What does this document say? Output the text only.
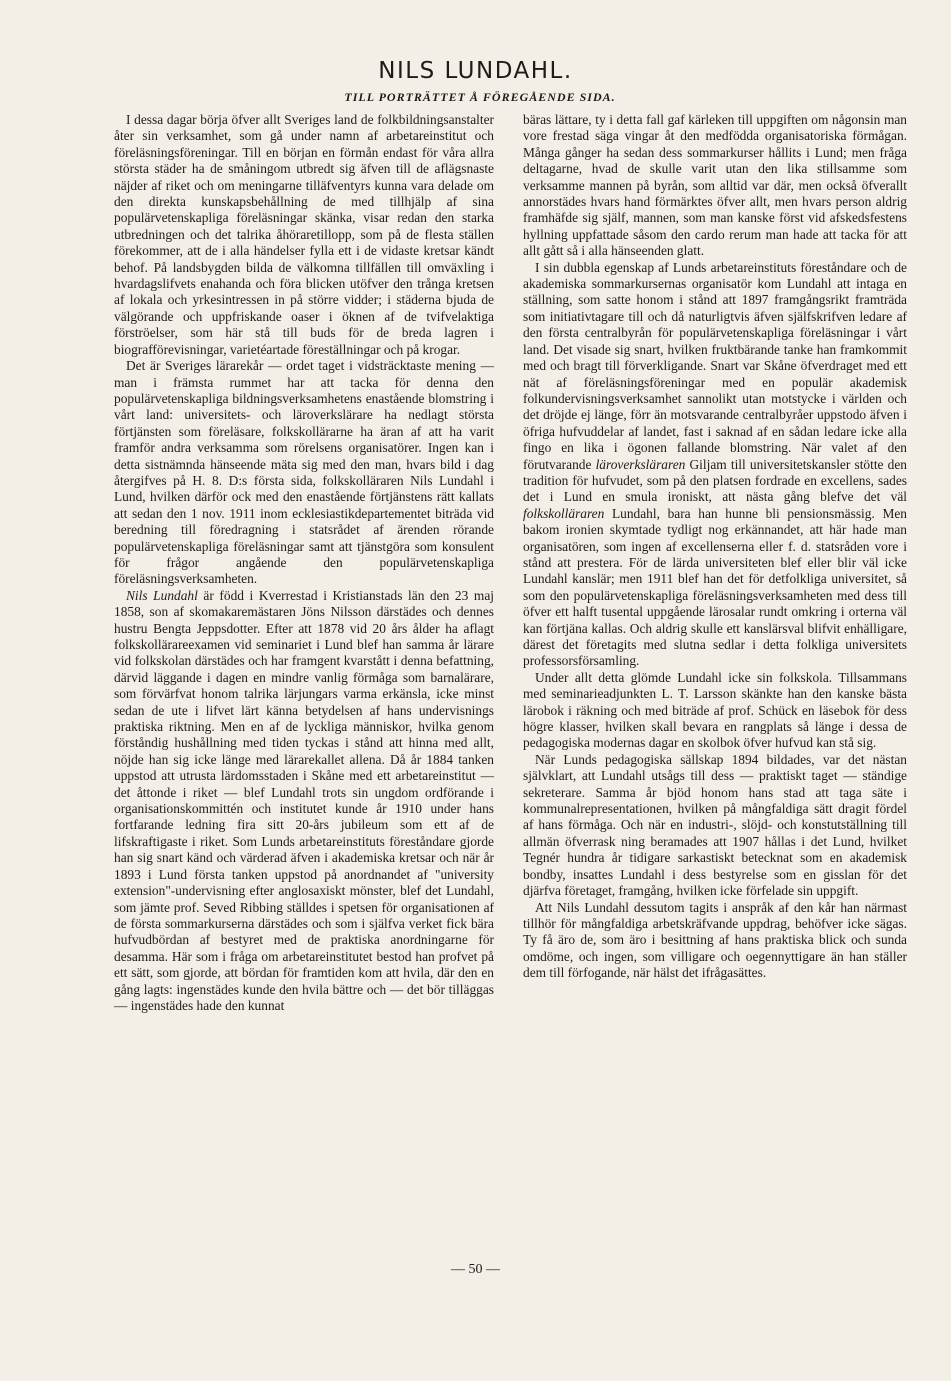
NILS LUNDAHL.
TILL PORTRÄTTET Å FÖREGÅENDE SIDA.

I dessa dagar börja öfver allt Sveriges land de folkbildningsanstalter åter sin verksamhet, som gå under namn af arbetareinstitut och föreläsningsföreningar. Till en början en förmån endast för våra allra största städer ha de småningom utbredt sig äfven till de aflägsnaste näjder af riket och om meningarne tilläfventyrs kunna vara delade om den direkta kunskapsbehållning de med tillhjälp af sina populärvetenskapliga föreläsningar skänka, visar redan den starka utbredningen och det talrika åhöraretillopp, som på de flesta ställen förekommer, att de i alla händelser fylla ett i de vidaste kretsar kändt behof. På landsbygden bilda de välkomna tillfällen till omväxling i hvardagslifvets enahanda och föra blicken utöfver den trånga kretsen af lokala och yrkesintressen in på större vidder; i städerna bjuda de välgörande och uppfriskande oaser i öknen af de tvifvelaktiga förströelser, som här stå till buds för de breda lagren i biografförevisningar, varietéartade föreställningar och på krogar.

Det är Sveriges lärarekår — ordet taget i vidsträcktaste mening — man i främsta rummet har att tacka för denna den populärvetenskapliga bildningsverksamhetens enastående blomstring i vårt land: universitets- och läroverkslärare ha nedlagt största förtjänsten som föreläsare, folkskollärarne ha äran af att ha varit framför andra verksamma som rörelsens organisatörer. Ingen kan i detta sistnämnda hänseende mäta sig med den man, hvars bild i dag återgifves på H. 8. D:s första sida, folkskolläraren Nils Lundahl i Lund, hvilken därför ock med den enastående förtjänstens rätt kallats att sedan den 1 nov. 1911 inom ecklesiastikdepartementet biträda vid beredning till föredragning i statsrådet af ärenden rörande populärvetenskapliga föreläsningar samt att tjänstgöra som konsulent för frågor angående den populärvetenskapliga föreläsningsverksamheten.

Nils Lundahl är född i Kverrestad i Kristianstads län den 23 maj 1858, son af skomakaremästaren Jöns Nilsson därstädes och dennes hustru Bengta Jeppsdotter. Efter att 1878 vid 20 års ålder ha aflagt folkskollärareexamen vid seminariet i Lund blef han samma år lärare vid folkskolan därstädes och har framgent kvarstått i denna befattning, därvid läggande i dagen en mindre vanlig förmåga som barnalärare, som förvärfvat honom talrika lärjungars varma erkänsla, icke minst sedan de ute i lifvet lärt känna betydelsen af hans undervisnings praktiska riktning. Men en af de lyckliga människor, hvilka genom förståndig hushållning med tiden tyckas i stånd att hinna med allt, nöjde han sig icke länge med lärarekallet allena. Då år 1884 tanken uppstod att utrusta lärdomsstaden i Skåne med ett arbetareinstitut — det åttonde i riket — blef Lundahl trots sin ungdom ordförande i organisationskommittén och institutet kunde år 1910 under hans fortfarande ledning fira sitt 20-års jubileum som ett af de lifskraftigaste i riket. Som Lunds arbetareinstituts föreståndare gjorde han sig snart känd och värderad äfven i akademiska kretsar och när år 1893 i Lund första tanken uppstod på anordnandet af "university extension"-undervisning efter anglosaxiskt mönster, blef det Lundahl, som jämte prof. Seved Ribbing ställdes i spetsen för organisationen af de första sommarkurserna därstädes och som i själfva verket fick bära hufvudbördan af bestyret med de praktiska anordningarne för desamma. Här som i fråga om arbetareinstitutet bestod han profvet på ett sätt, som gjorde, att bördan för framtiden kom att hvila, där den en gång lagts: ingenstädes kunde den hvila bättre och — det bör tilläggas — ingenstädes hade den kunnat

bäras lättare, ty i detta fall gaf kärleken till uppgiften om någonsin man vore frestad säga vingar åt den medfödda organisatoriska förmågan. Många gånger ha sedan dess sommarkurser hållits i Lund; men fråga deltagarne, hvad de skulle varit utan den lika stillsamme som verksamme mannen på byrån, som alltid var där, men också öfverallt annorstädes hvars hand förmärktes öfver allt, men hvars person aldrig framhäfde sig själf, mannen, som man kanske först vid afskedsfestens hyllning uppfattade såsom den cardo rerum man hade att tacka för att allt gått så i alla hänseenden glatt.

I sin dubbla egenskap af Lunds arbetareinstituts föreståndare och de akademiska sommarkursernas organisatör kom Lundahl att intaga en ställning, som satte honom i stånd att 1897 framgångsrikt framträda som initiativtagare till och då naturligtvis äfven själfskrifven ledare af den första centralbyrån för populärvetenskapliga föreläsningar i vårt land. Det visade sig snart, hvilken fruktbärande tanke han framkommit med och bragt till förverkligande. Snart var Skåne öfverdraget med ett nät af föreläsningsföreningar med en populär akademisk folkundervisningsverksamhet sannolikt utan motstycke i världen och det dröjde ej länge, förr än motsvarande centralbyråer uppstodo äfven i öfriga hufvuddelar af landet, fast i saknad af en sådan ledare icke alla fingo en lika i ögonen fallande blomstring. När valet af den förutvarande läroverksläraren Giljam till universitetskansler stötte den tradition för hufvudet, som på den platsen fordrade en excellens, sades det i Lund en smula ironiskt, att nästa gång blefve det väl folkskolläraren Lundahl, bara han hunne bli pensionsmässig. Men bakom ironien skymtade tydligt nog erkännandet, att här hade man organisatören, som ingen af excellenserna eller f. d. statsråden vore i stånd att prestera. För de lärda universiteten blef eller blir väl icke Lundahl kanslär; men 1911 blef han det för detfolkliga universitet, så som den populärvetenskapliga föreläsningsverksamheten med dess till öfver ett halft tusental uppgående lärosalar rundt omkring i orterna väl kan förtjäna kallas. Och aldrig skulle ett kanslärsval blifvit enhälligare, därest det företagits med slutna sedlar i detta folkliga universitets professorsförsamling.

Under allt detta glömde Lundahl icke sin folkskola. Tillsammans med seminarieadjunkten L. T. Larsson skänkte han den kanske bästa lärobok i räkning och med biträde af prof. Schück en läsebok för dess högre klasser, hvilken skall bevara en rangplats så länge i dessa de pedagogiska modernas dagar en skolbok öfver hufvud kan stå sig.

När Lunds pedagogiska sällskap 1894 bildades, var det nästan självklart, att Lundahl utsågs till dess — praktiskt taget — ständige sekreterare. Samma år bjöd honom hans stad att taga säte i kommunalrepresentationen, hvilken på mångfaldiga sätt dragit fördel af hans förmåga. Och när en industri-, slöjd- och konstutställning till allmän öfverrask ning beramades att 1907 hållas i det Lund, hvilket Tegnér hundra år tidigare sarkastiskt betecknat som en akademisk bondby, insattes Lundahl i dess bestyrelse som en gisslan för det djärfva företaget, framgång, hvilken icke förfelade sin uppgift.

Att Nils Lundahl dessutom tagits i anspråk af den kår han närmast tillhör för mångfaldiga arbetskräfvande uppdrag, behöfver icke sägas. Ty få äro de, som äro i besittning af hans praktiska blick och sunda omdöme, och ingen, som villigare och oegennyttigare än han ställer dem till förfogande, när hälst det ifrågasättes.

— 50 —
